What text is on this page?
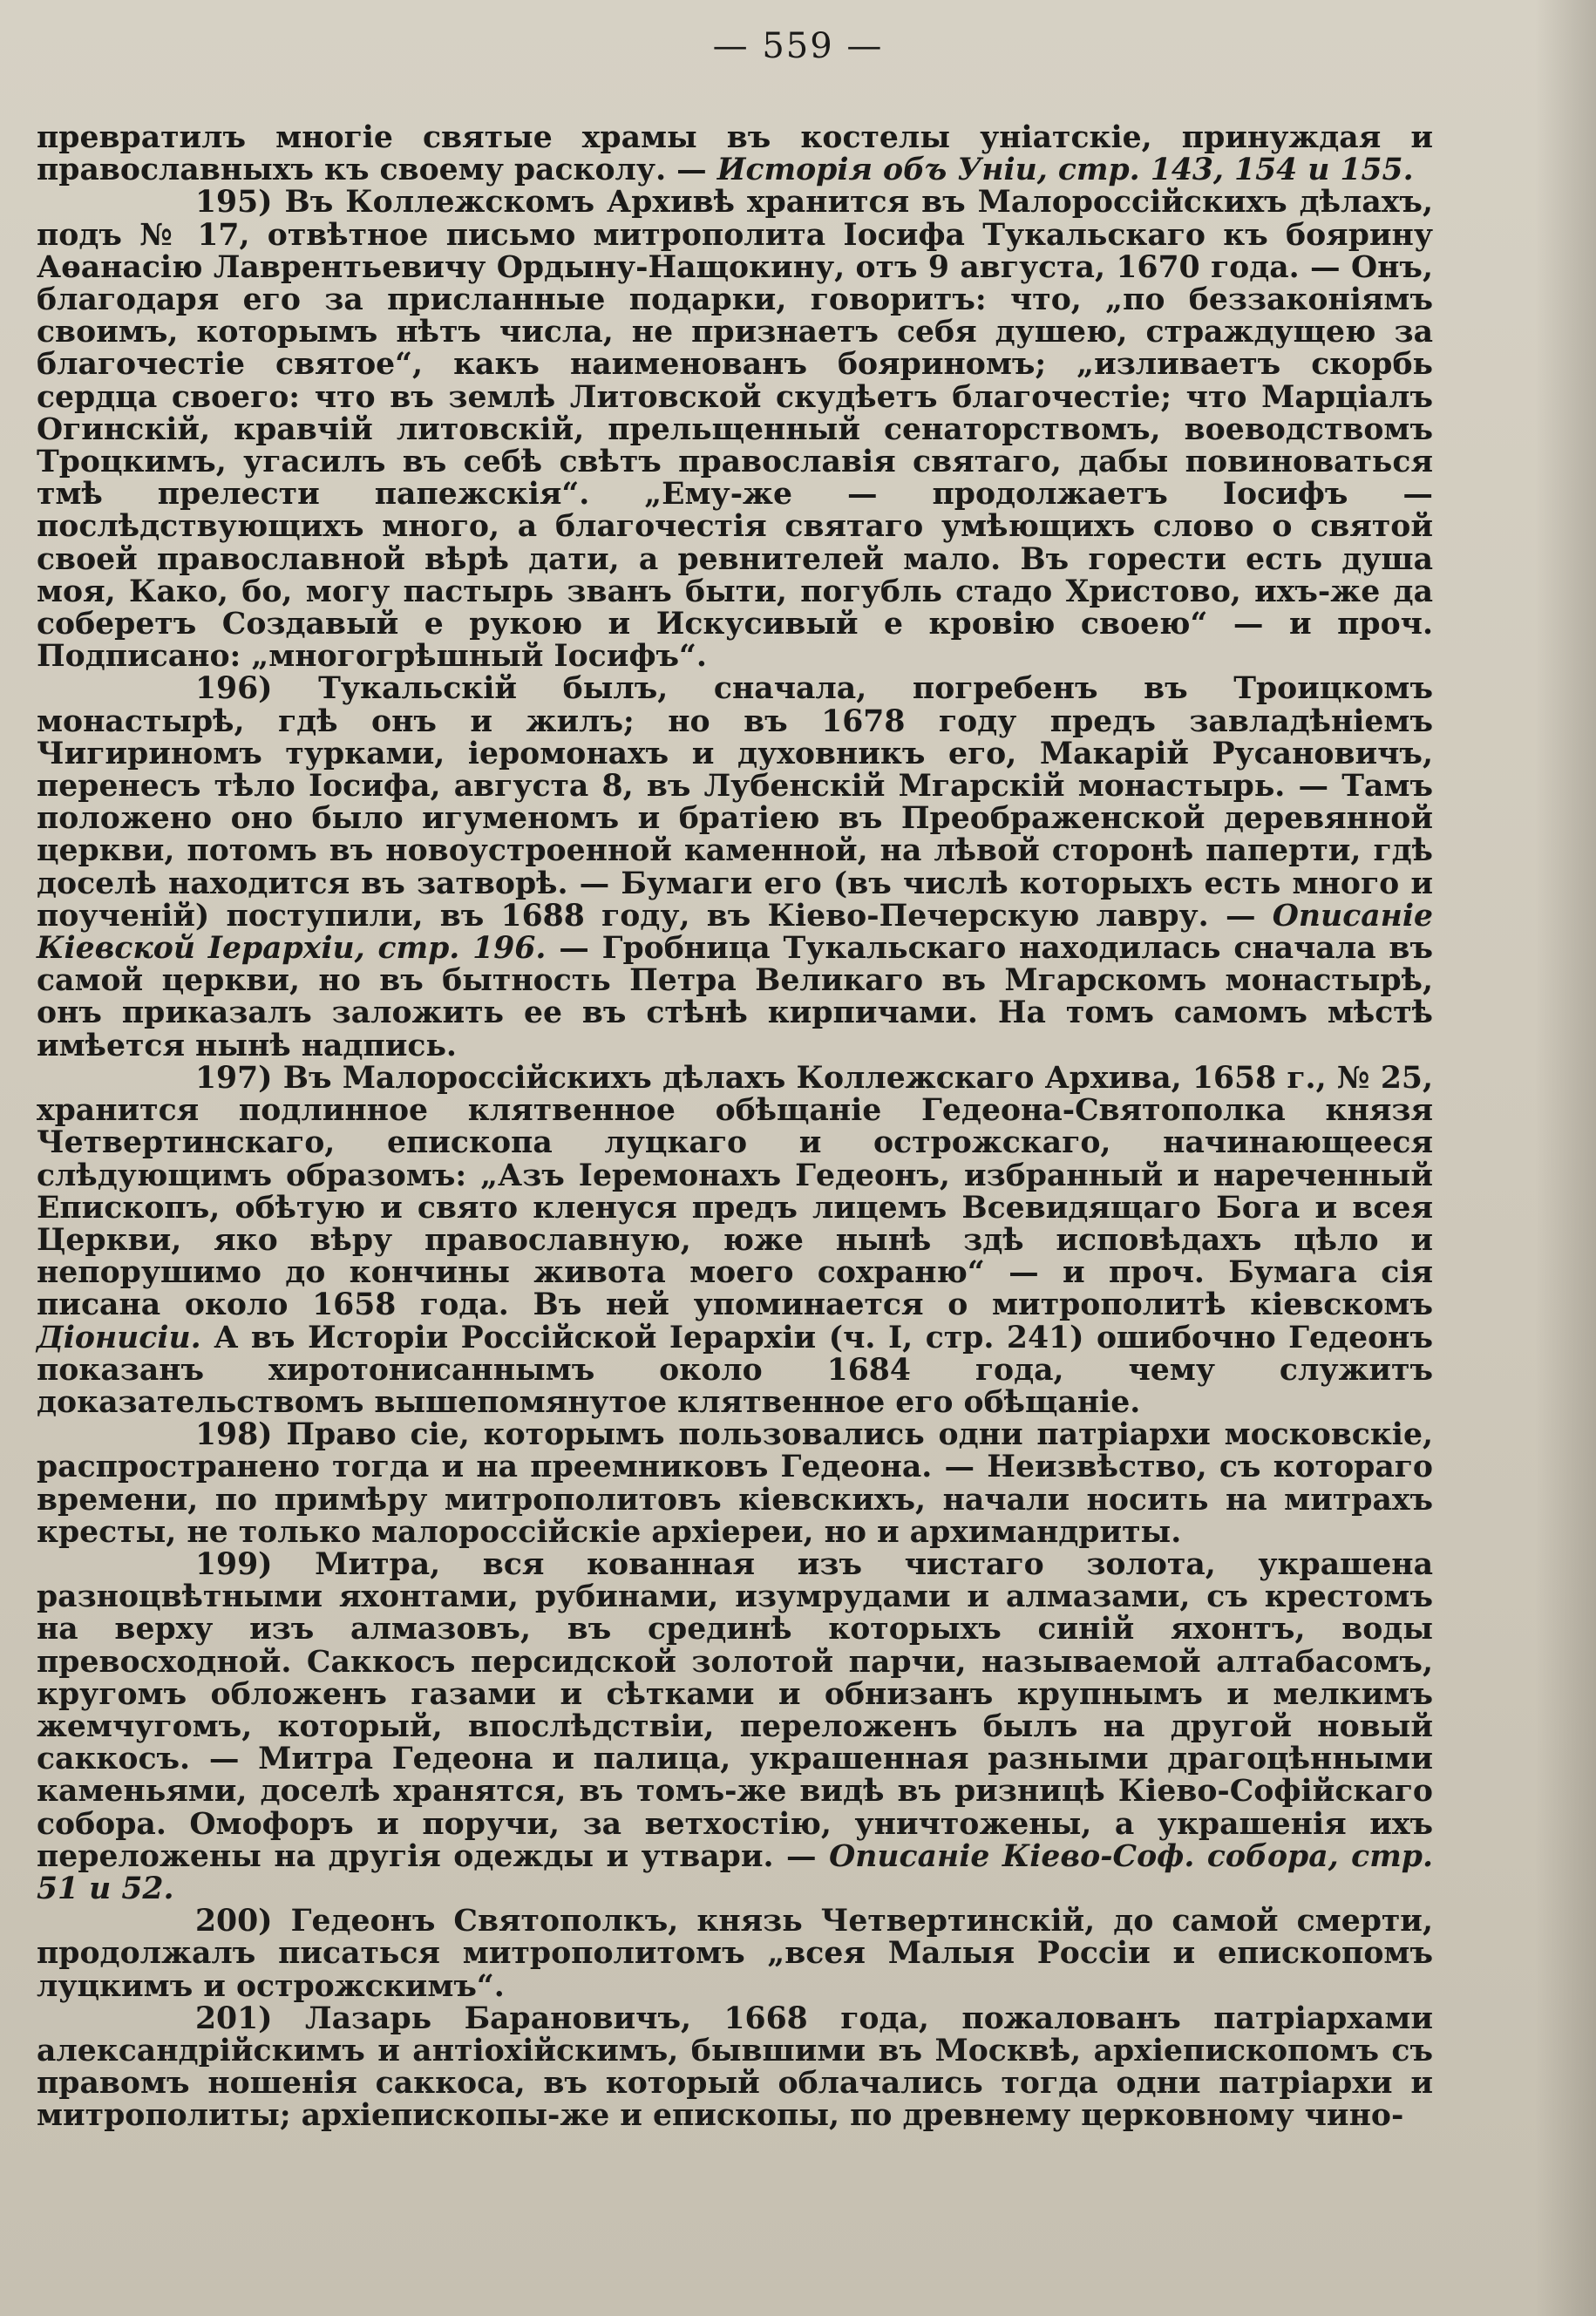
— 559 —

превратилъ многіе святые храмы въ костелы уніатскіе, принуждая и православныхъ къ своему расколу. — Исторія объ Уніи, стр. 143, 154 и 155.

195) Въ Коллежскомъ Архивѣ хранится въ Малороссійскихъ дѣлахъ, подъ № 17, отвѣтное письмо митрополита Іосифа Тукальскаго къ боярину Аѳанасію Лаврентьевичу Ордыну-Нащокину, отъ 9 августа, 1670 года. — Онъ, благодаря его за присланные подарки, говоритъ: что, „по беззаконіямъ своимъ, которымъ нѣтъ числа, не признаетъ себя душею, страждущею за благочестіе святое“, какъ наименованъ бояриномъ; „изливаетъ скорбь сердца своего: что въ землѣ Литовской скудѣетъ благочестіе; что Марціалъ Огинскій, кравчій литовскій, прельщенный сенаторствомъ, воеводствомъ Троцкимъ, угасилъ въ себѣ свѣтъ православія святаго, дабы повиноваться тмѣ прелести папежскія“. „Ему-же — продолжаетъ Іосифъ — послѣдствующихъ много, а благочестія святаго умѣющихъ слово о святой своей православной вѣрѣ дати, а ревнителей мало. Въ горести есть душа моя, Како, бо, могу пастырь званъ быти, погубль стадо Христово, ихъ-же да соберетъ Создавый е рукою и Искусивый е кровію своею“ — и проч. Подписано: „многогрѣшный Іосифъ“.

196) Тукальскій былъ, сначала, погребенъ въ Троицкомъ монастырѣ, гдѣ онъ и жилъ; но въ 1678 году предъ завладѣніемъ Чигириномъ турками, іеромонахъ и духовникъ его, Макарій Русановичъ, перенесъ тѣло Іосифа, августа 8, въ Лубенскій Мгарскій монастырь. — Тамъ положено оно было игуменомъ и братіею въ Преображенской деревянной церкви, потомъ въ новоустроенной каменной, на лѣвой сторонѣ паперти, гдѣ доселѣ находится въ затворѣ. — Бумаги его (въ числѣ которыхъ есть много и поученій) поступили, въ 1688 году, въ Кіево-Печерскую лавру. — Описаніе Кіевской Іерархіи, стр. 196. — Гробница Тукальскаго находилась сначала въ самой церкви, но въ бытность Петра Великаго въ Мгарскомъ монастырѣ, онъ приказалъ заложить ее въ стѣнѣ кирпичами. На томъ самомъ мѣстѣ имѣется нынѣ надпись.

197) Въ Малороссійскихъ дѣлахъ Коллежскаго Архива, 1658 г., № 25, хранится подлинное клятвенное обѣщаніе Гедеона-Святополка князя Четвертинскаго, епископа луцкаго и острожскаго, начинающееся слѣдующимъ образомъ: „Азъ Іеремонахъ Гедеонъ, избранный и нареченный Епископъ, обѣтую и свято кленуся предъ лицемъ Всевидящаго Бога и всея Церкви, яко вѣру православную, юже нынѣ здѣ исповѣдахъ цѣло и непорушимо до кончины живота моего сохраню“ — и проч. Бумага сія писана около 1658 года. Въ ней упоминается о митрополитѣ кіевскомъ Діонисіи. А въ Исторіи Россійской Іерархіи (ч. I, стр. 241) ошибочно Гедеонъ показанъ хиротонисаннымъ около 1684 года, чему служитъ доказательствомъ вышепомянутое клятвенное его обѣщаніе.

198) Право сіе, которымъ пользовались одни патріархи московскіе, распространено тогда и на преемниковъ Гедеона. — Неизвѣство, съ котораго времени, по примѣру митрополитовъ кіевскихъ, начали носить на митрахъ кресты, не только малороссійскіе архіереи, но и архимандриты.

199) Митра, вся кованная изъ чистаго золота, украшена разноцвѣтными яхонтами, рубинами, изумрудами и алмазами, съ крестомъ на верху изъ алмазовъ, въ срединѣ которыхъ синій яхонтъ, воды превосходной. Саккосъ персидской золотой парчи, называемой алтабасомъ, кругомъ обложенъ газами и сѣтками и обнизанъ крупнымъ и мелкимъ жемчугомъ, который, впослѣдствіи, переложенъ былъ на другой новый саккосъ. — Митра Гедеона и палица, украшенная разными драгоцѣнными каменьями, доселѣ хранятся, въ томъ-же видѣ въ ризницѣ Кіево-Софійскаго собора. Омофоръ и поручи, за ветхостію, уничтожены, а украшенія ихъ переложены на другія одежды и утвари. — Описаніе Кіево-Соф. собора, стр. 51 и 52.

200) Гедеонъ Святополкъ, князь Четвертинскій, до самой смерти, продолжалъ писаться митрополитомъ „всея Малыя Россіи и епископомъ луцкимъ и острожскимъ“.

201) Лазарь Барановичъ, 1668 года, пожалованъ патріархами александрійскимъ и антіохійскимъ, бывшими въ Москвѣ, архіепископомъ съ правомъ ношенія саккоса, въ который облачались тогда одни патріархи и митрополиты; архіепископы-же и епископы, по древнему церковному чино-
